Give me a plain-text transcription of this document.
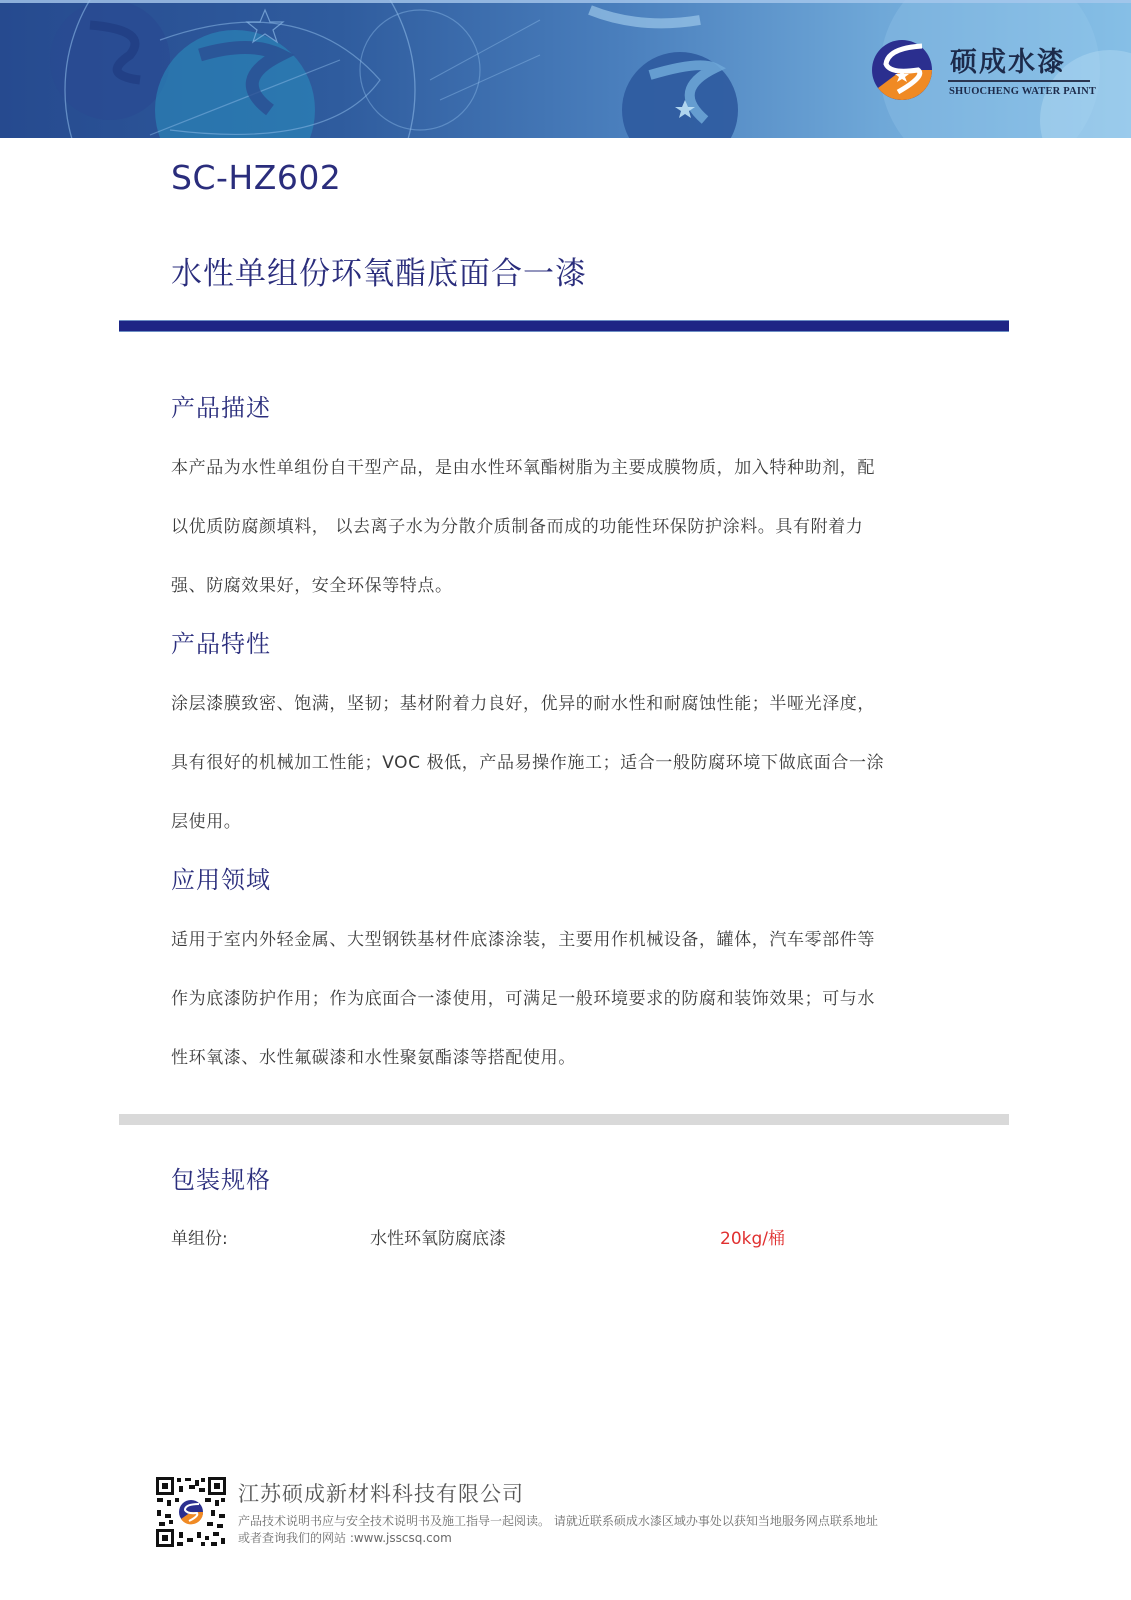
硕成水漆
SHUOCHENG WATER PAINT
SC-HZ602
水性单组份环氧酯底面合一漆
产品描述
本产品为水性单组份自干型产品，是由水性环氧酯树脂为主要成膜物质，加入特种助剂，配
以优质防腐颜填料， 以去离子水为分散介质制备而成的功能性环保防护涂料。具有附着力
强、防腐效果好，安全环保等特点。
产品特性
涂层漆膜致密、饱满，坚韧；基材附着力良好，优异的耐水性和耐腐蚀性能；半哑光泽度，
具有很好的机械加工性能；VOC 极低，产品易操作施工；适合一般防腐环境下做底面合一涂
层使用。
应用领域
适用于室内外轻金属、大型钢铁基材件底漆涂装，主要用作机械设备，罐体，汽车零部件等
作为底漆防护作用；作为底面合一漆使用，可满足一般环境要求的防腐和装饰效果；可与水
性环氧漆、水性氟碳漆和水性聚氨酯漆等搭配使用。
包装规格
单组份:	水性环氧防腐底漆	20kg/桶
江苏硕成新材料科技有限公司
产品技术说明书应与安全技术说明书及施工指导一起阅读。 请就近联系硕成水漆区域办事处以获知当地服务网点联系地址
或者查询我们的网站 :www.jsscsq.com
